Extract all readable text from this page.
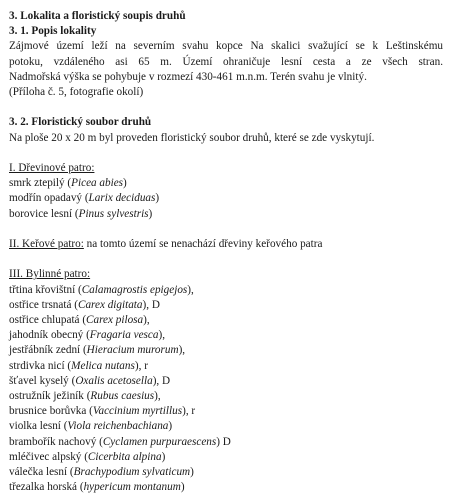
3. Lokalita a floristický soupis druhů
3. 1. Popis lokality
Zájmové území leží na severním svahu kopce Na skalici svažující se k Leštinskému
potoku, vzdáleného asi 65 m. Území ohraničuje lesní cesta a ze všech stran.
Nadmořská výška se pohybuje v rozmezí 430-461 m.n.m. Terén svahu je vlnitý.
(Příloha č. 5, fotografie okolí)
3. 2. Floristický soubor druhů
Na ploše 20 x 20 m byl proveden floristický soubor druhů, které se zde vyskytují.
I. Dřevinové patro:
smrk ztepilý (Picea abies)
modřín opadavý (Larix deciduas)
borovice lesní (Pinus sylvestris)
II. Keřové patro: na tomto území se nenachází dřeviny keřového patra
III. Bylinné patro:
třtina křovištní (Calamagrostis epigejos),
ostřice trsnatá (Carex digitata), D
ostřice chlupatá (Carex pilosa),
jahodník obecný (Fragaria vesca),
jestřábník zední (Hieracium murorum),
strdivka nicí (Melica nutans), r
šťavel kyselý (Oxalis acetosella), D
ostružník ježiník (Rubus caesius),
brusnice borůvka (Vaccinium myrtillus), r
violka lesní (Viola reichenbachiana)
brambořík nachový (Cyclamen purpuraescens) D
mléčivec alpský (Cicerbita alpina)
válečka lesní (Brachypodium sylvaticum)
třezalka horská (hypericum montanum)
